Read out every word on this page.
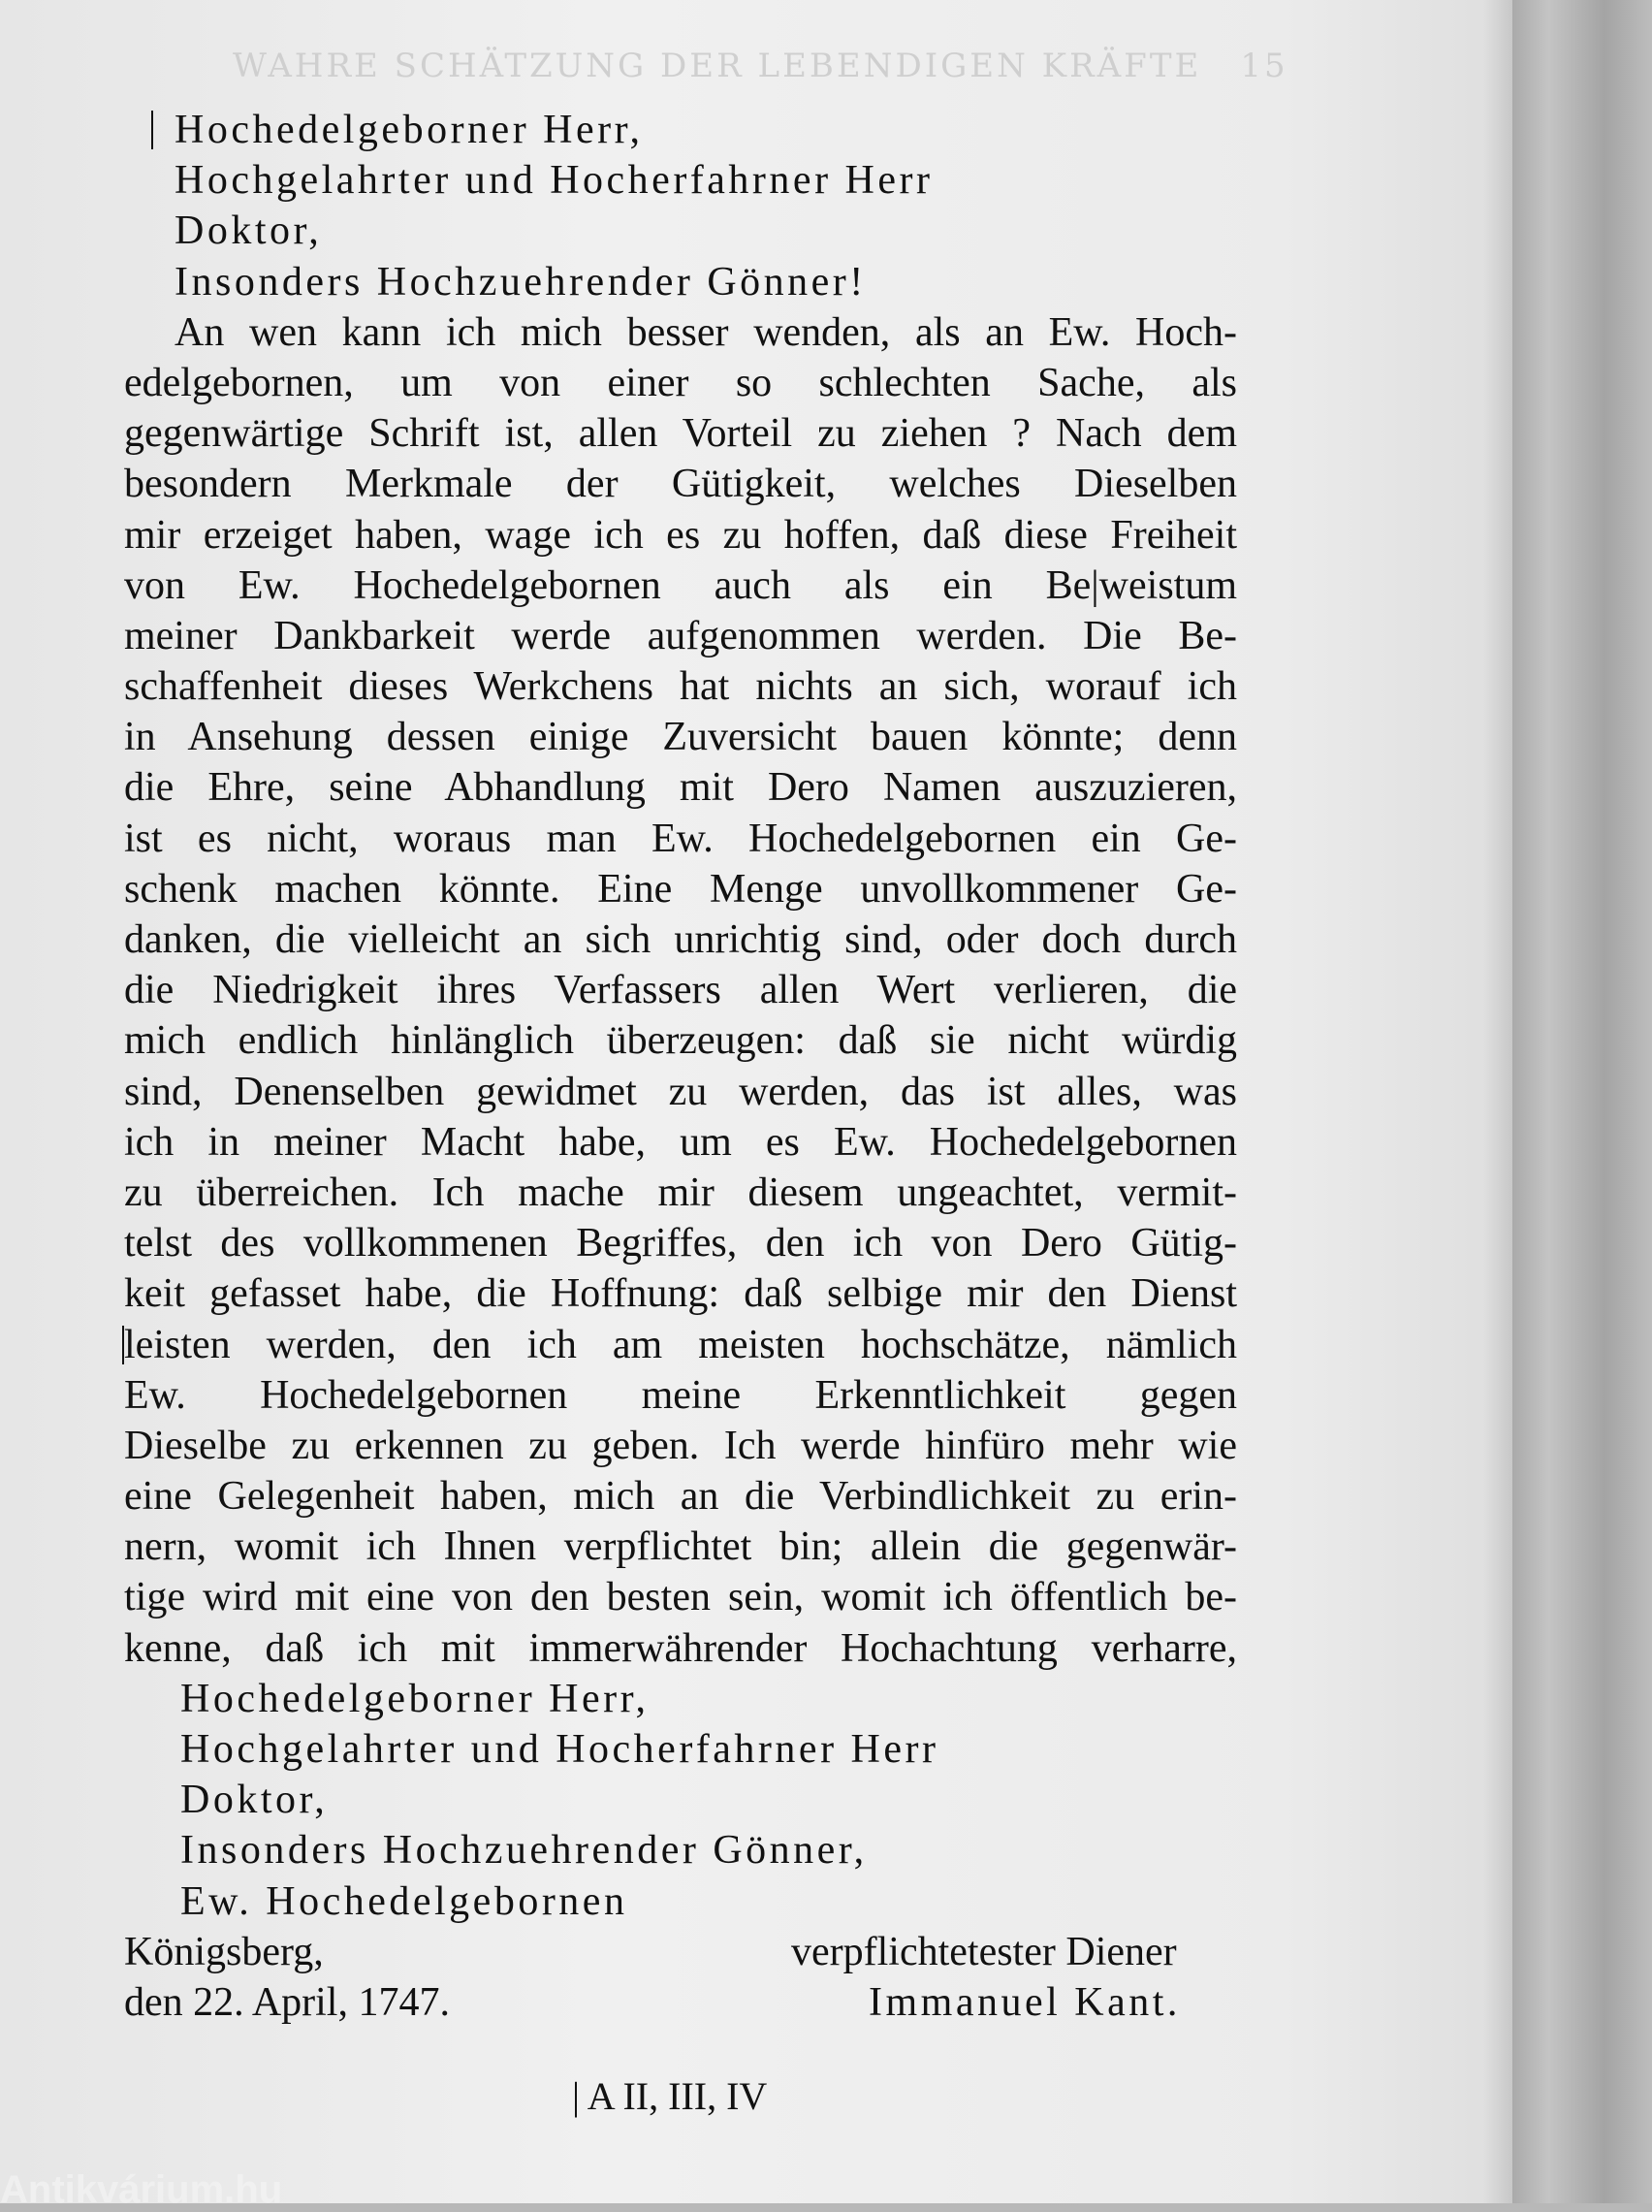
WAHRE SCHÄTZUNG DER LEBENDIGEN KRÄFTE 15
Hochedelgeborner Herr,
Hochgelahrter und Hocherfahrner Herr
Doktor,
Insonders Hochzuehrender Gönner!
An wen kann ich mich besser wenden, als an Ew. Hoch-
edelgebornen, um von einer so schlechten Sache, als
gegenwärtige Schrift ist, allen Vorteil zu ziehen ? Nach dem
besondern Merkmale der Gütigkeit, welches Dieselben
mir erzeiget haben, wage ich es zu hoffen, daß diese Freiheit
von Ew. Hochedelgebornen auch als ein Be|weistum
meiner Dankbarkeit werde aufgenommen werden. Die Be-
schaffenheit dieses Werkchens hat nichts an sich, worauf ich
in Ansehung dessen einige Zuversicht bauen könnte; denn
die Ehre, seine Abhandlung mit Dero Namen auszuzieren,
ist es nicht, woraus man Ew. Hochedelgebornen ein Ge-
schenk machen könnte. Eine Menge unvollkommener Ge-
danken, die vielleicht an sich unrichtig sind, oder doch durch
die Niedrigkeit ihres Verfassers allen Wert verlieren, die
mich endlich hinlänglich überzeugen: daß sie nicht würdig
sind, Denenselben gewidmet zu werden, das ist alles, was
ich in meiner Macht habe, um es Ew. Hochedelgebornen
zu überreichen. Ich mache mir diesem ungeachtet, vermit-
telst des vollkommenen Begriffes, den ich von Dero Gütig-
keit gefasset habe, die Hoffnung: daß selbige mir den Dienst
leisten werden, den ich am meisten hochschätze, nämlich
Ew. Hochedelgebornen meine Erkenntlichkeit gegen
Dieselbe zu erkennen zu geben. Ich werde hinfüro mehr wie
eine Gelegenheit haben, mich an die Verbindlichkeit zu erin-
nern, womit ich Ihnen verpflichtet bin; allein die gegenwär-
tige wird mit eine von den besten sein, womit ich öffentlich be-
kenne, daß ich mit immerwährender Hochachtung verharre,
Hochedelgeborner Herr,
Hochgelahrter und Hocherfahrner Herr
Doktor,
Insonders Hochzuehrender Gönner,
Ew. Hochedelgebornen
Königsberg,	verpflichtetester Diener
den 22. April, 1747.	Immanuel Kant.
| A II, III, IV
Antikvárium.hu
